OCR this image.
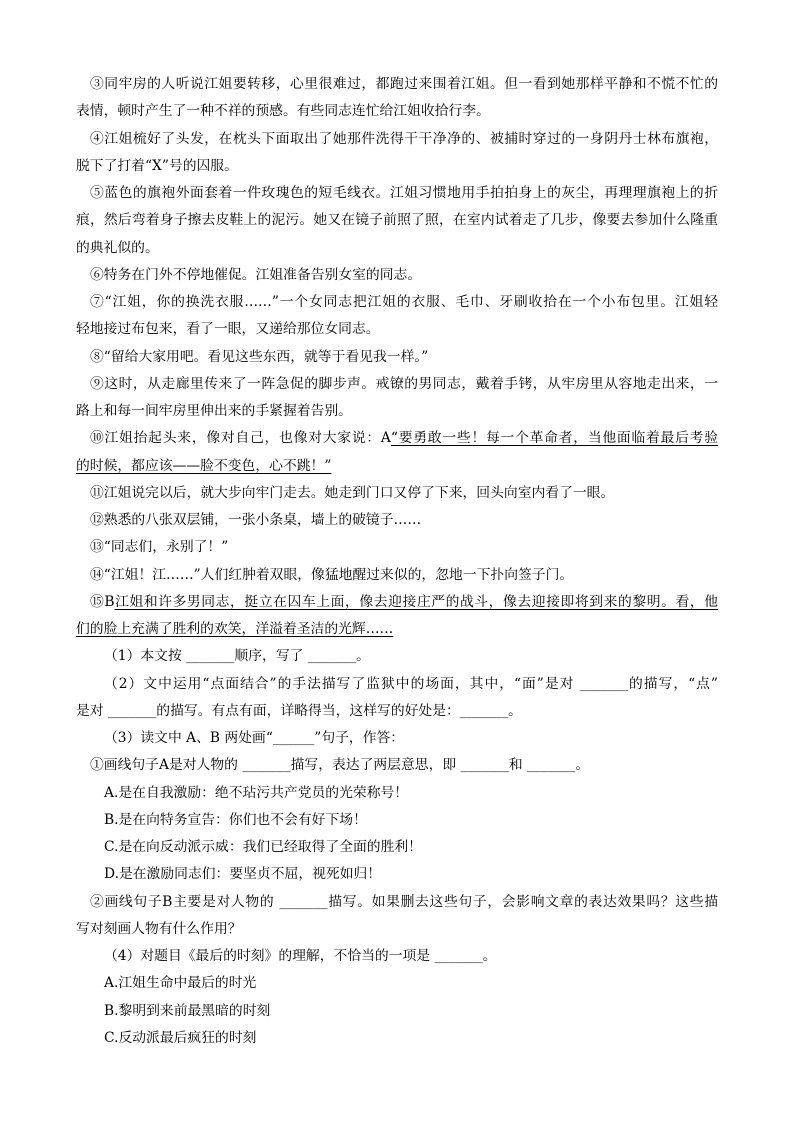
③同牢房的人听说江姐要转移，心里很难过，都跑过来围着江姐。但一看到她那样平静和不慌不忙的
表情，顿时产生了一种不祥的预感。有些同志连忙给江姐收拾行李。
④江姐梳好了头发，在枕头下面取出了她那件洗得干干净净的、被捕时穿过的一身阴丹士林布旗袍，
脱下了打着“X”号的囚服。
⑤蓝色的旗袍外面套着一件玫瑰色的短毛线衣。江姐习惯地用手拍拍身上的灰尘，再理理旗袍上的折
痕，然后弯着身子擦去皮鞋上的泥污。她又在镜子前照了照，在室内试着走了几步，像要去参加什么隆重
的典礼似的。
⑥特务在门外不停地催促。江姐准备告别女室的同志。
⑦“江姐，你的换洗衣服……”一个女同志把江姐的衣服、毛巾、牙刷收拾在一个小布包里。江姐轻
轻地接过布包来，看了一眼，又递给那位女同志。
⑧“留给大家用吧。看见这些东西，就等于看见我一样。”
⑨这时，从走廊里传来了一阵急促的脚步声。戒镣的男同志，戴着手铐，从牢房里从容地走出来，一
路上和每一间牢房里伸出来的手紧握着告别。
⑩江姐抬起头来，像对自己，也像对大家说：A“要勇敢一些！每一个革命者，当他面临着最后考验
的时候，都应该——脸不变色，心不跳！”
⑪江姐说完以后，就大步向牢门走去。她走到门口又停了下来，回头向室内看了一眼。
⑫熟悉的八张双层铺，一张小条桌，墙上的破镜子……
⑬“同志们，永别了！”
⑭“江姐！江……”人们红肿着双眼，像猛地醒过来似的，忽地一下扑向签子门。
⑮B江姐和许多男同志，挺立在囚车上面，像去迎接庄严的战斗，像去迎接即将到来的黎明。看，他
们的脸上充满了胜利的欢笑，洋溢着圣洁的光辉……
（1）本文按 _______顺序，写了 _______。
（2）文中运用“点面结合”的手法描写了监狱中的场面，其中，“面”是对 _______的描写，“点”
是对 _______的描写。有点有面，详略得当，这样写的好处是：_______。
（3）读文中 A、B 两处画“______”句子，作答：
①画线句子A是对人物的 _______描写，表达了两层意思，即 _______和 _______。
A.是在自我激励：绝不玷污共产党员的光荣称号！
B.是在向特务宣告：你们也不会有好下场！
C.是在向反动派示威：我们已经取得了全面的胜利！
D.是在激励同志们：要坚贞不屈，视死如归！
②画线句子B主要是对人物的 _______描写。如果删去这些句子，会影响文章的表达效果吗？这些描
写对刻画人物有什么作用？
（4）对题目《最后的时刻》的理解，不恰当的一项是 _______。
A.江姐生命中最后的时光
B.黎明到来前最黑暗的时刻
C.反动派最后疯狂的时刻
